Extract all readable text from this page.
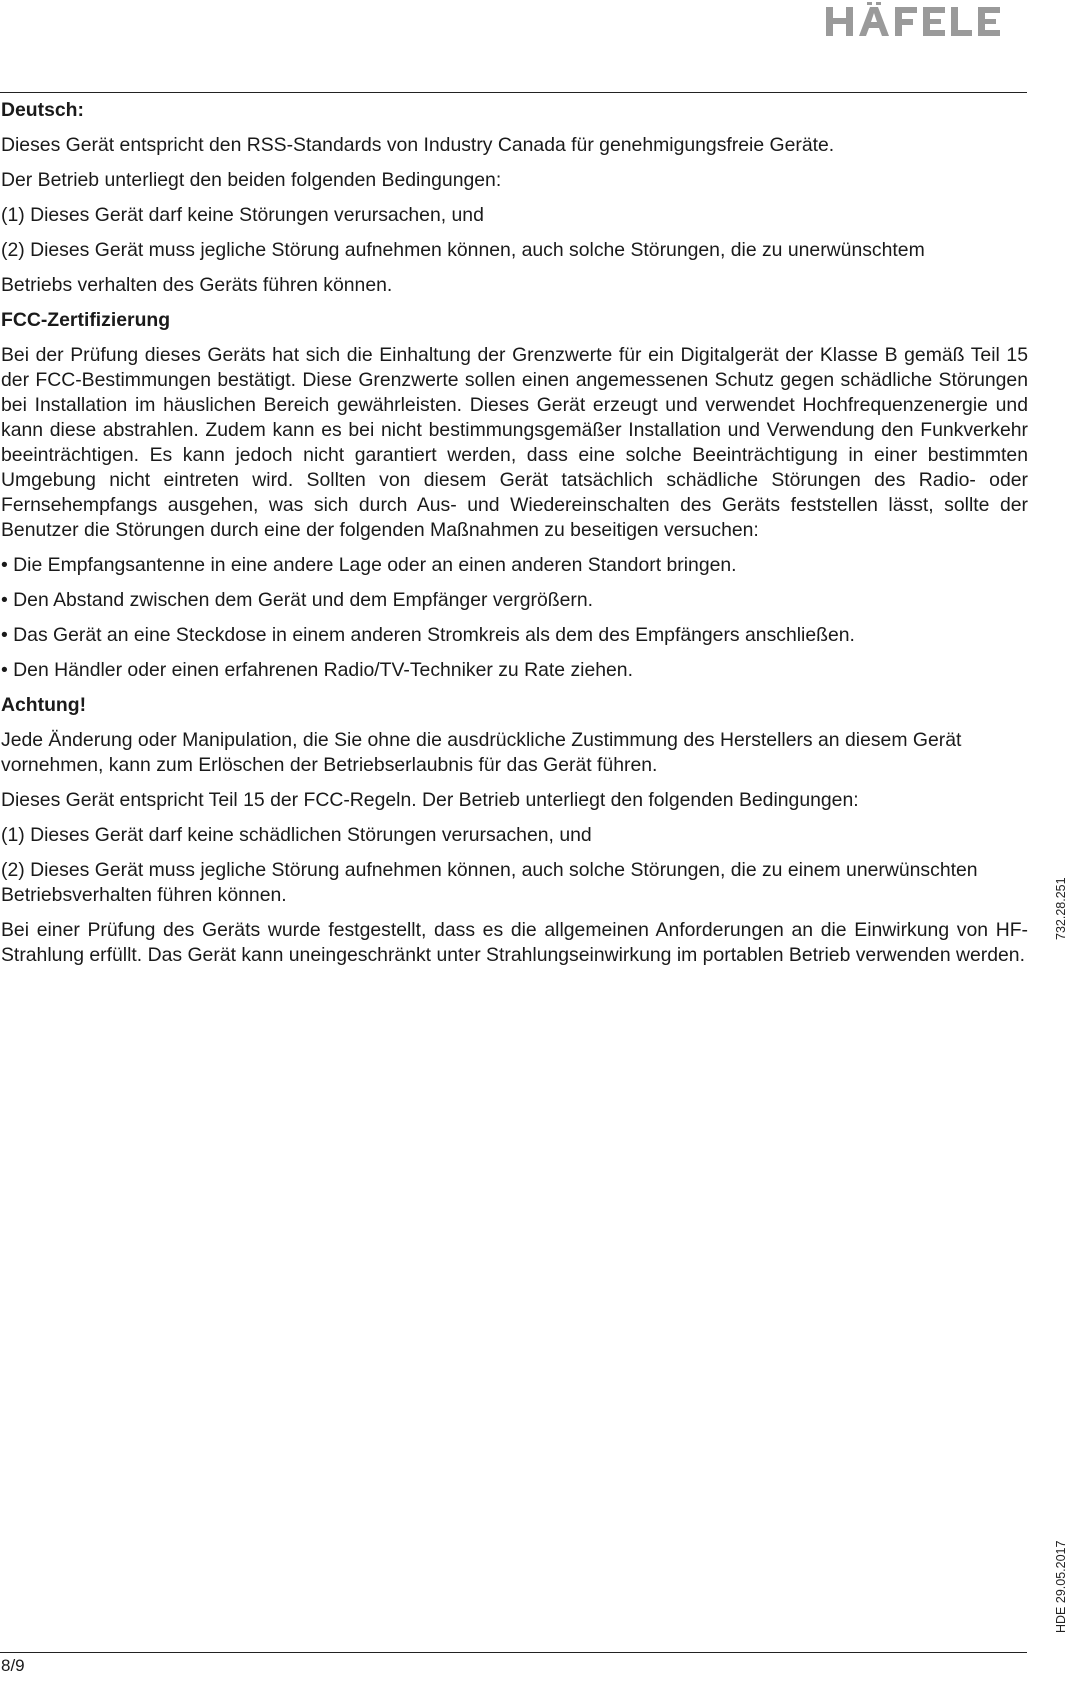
Deutsch:

Dieses Gerät entspricht den RSS-Standards von Industry Canada für genehmigungsfreie Geräte.

Der Betrieb unterliegt den beiden folgenden Bedingungen:

(1) Dieses Gerät darf keine Störungen verursachen, und

(2) Dieses Gerät muss jegliche Störung aufnehmen können, auch solche Störungen, die zu unerwünschtem

Betriebs verhalten des Geräts führen können.

FCC-Zertifizierung

Bei der Prüfung dieses Geräts hat sich die Einhaltung der Grenzwerte für ein Digitalgerät der Klasse B gemäß Teil 15 der FCC-Bestimmungen bestätigt. Diese Grenzwerte sollen einen angemessenen Schutz gegen schädliche Störungen bei Installation im häuslichen Bereich gewährleisten. Dieses Gerät erzeugt und verwendet Hochfrequenzenergie und kann diese abstrahlen. Zudem kann es bei nicht bestimmungsgemäßer Installation und Verwendung den Funkverkehr beeinträchtigen. Es kann jedoch nicht garantiert werden, dass eine solche Beeinträchtigung in einer bestimmten Umgebung nicht eintreten wird. Sollten von diesem Gerät tatsächlich schädliche Störungen des Radio- oder Fernsehempfangs ausgehen, was sich durch Aus- und Wiedereinschalten des Geräts feststellen lässt, sollte der Benutzer die Störungen durch eine der folgenden Maßnahmen zu beseitigen versuchen:

• Die Empfangsantenne in eine andere Lage oder an einen anderen Standort bringen.

• Den Abstand zwischen dem Gerät und dem Empfänger vergrößern.

• Das Gerät an eine Steckdose in einem anderen Stromkreis als dem des Empfängers anschließen.

• Den Händler oder einen erfahrenen Radio/TV-Techniker zu Rate ziehen.

Achtung!

Jede Änderung oder Manipulation, die Sie ohne die ausdrückliche Zustimmung des Herstellers an diesem Gerät vornehmen, kann zum Erlöschen der Betriebserlaubnis für das Gerät führen.

Dieses Gerät entspricht Teil 15 der FCC-Regeln. Der Betrieb unterliegt den folgenden Bedingungen:

(1) Dieses Gerät darf keine schädlichen Störungen verursachen, und

(2) Dieses Gerät muss jegliche Störung aufnehmen können, auch solche Störungen, die zu einem unerwünschten Betriebsverhalten führen können.

Bei einer Prüfung des Geräts wurde festgestellt, dass es die allgemeinen Anforderungen an die Einwirkung von HF-Strahlung erfüllt. Das Gerät kann uneingeschränkt unter Strahlungseinwirkung im portablen Betrieb verwenden werden.

732.28.251
HDE 29.05.2017
8/9
